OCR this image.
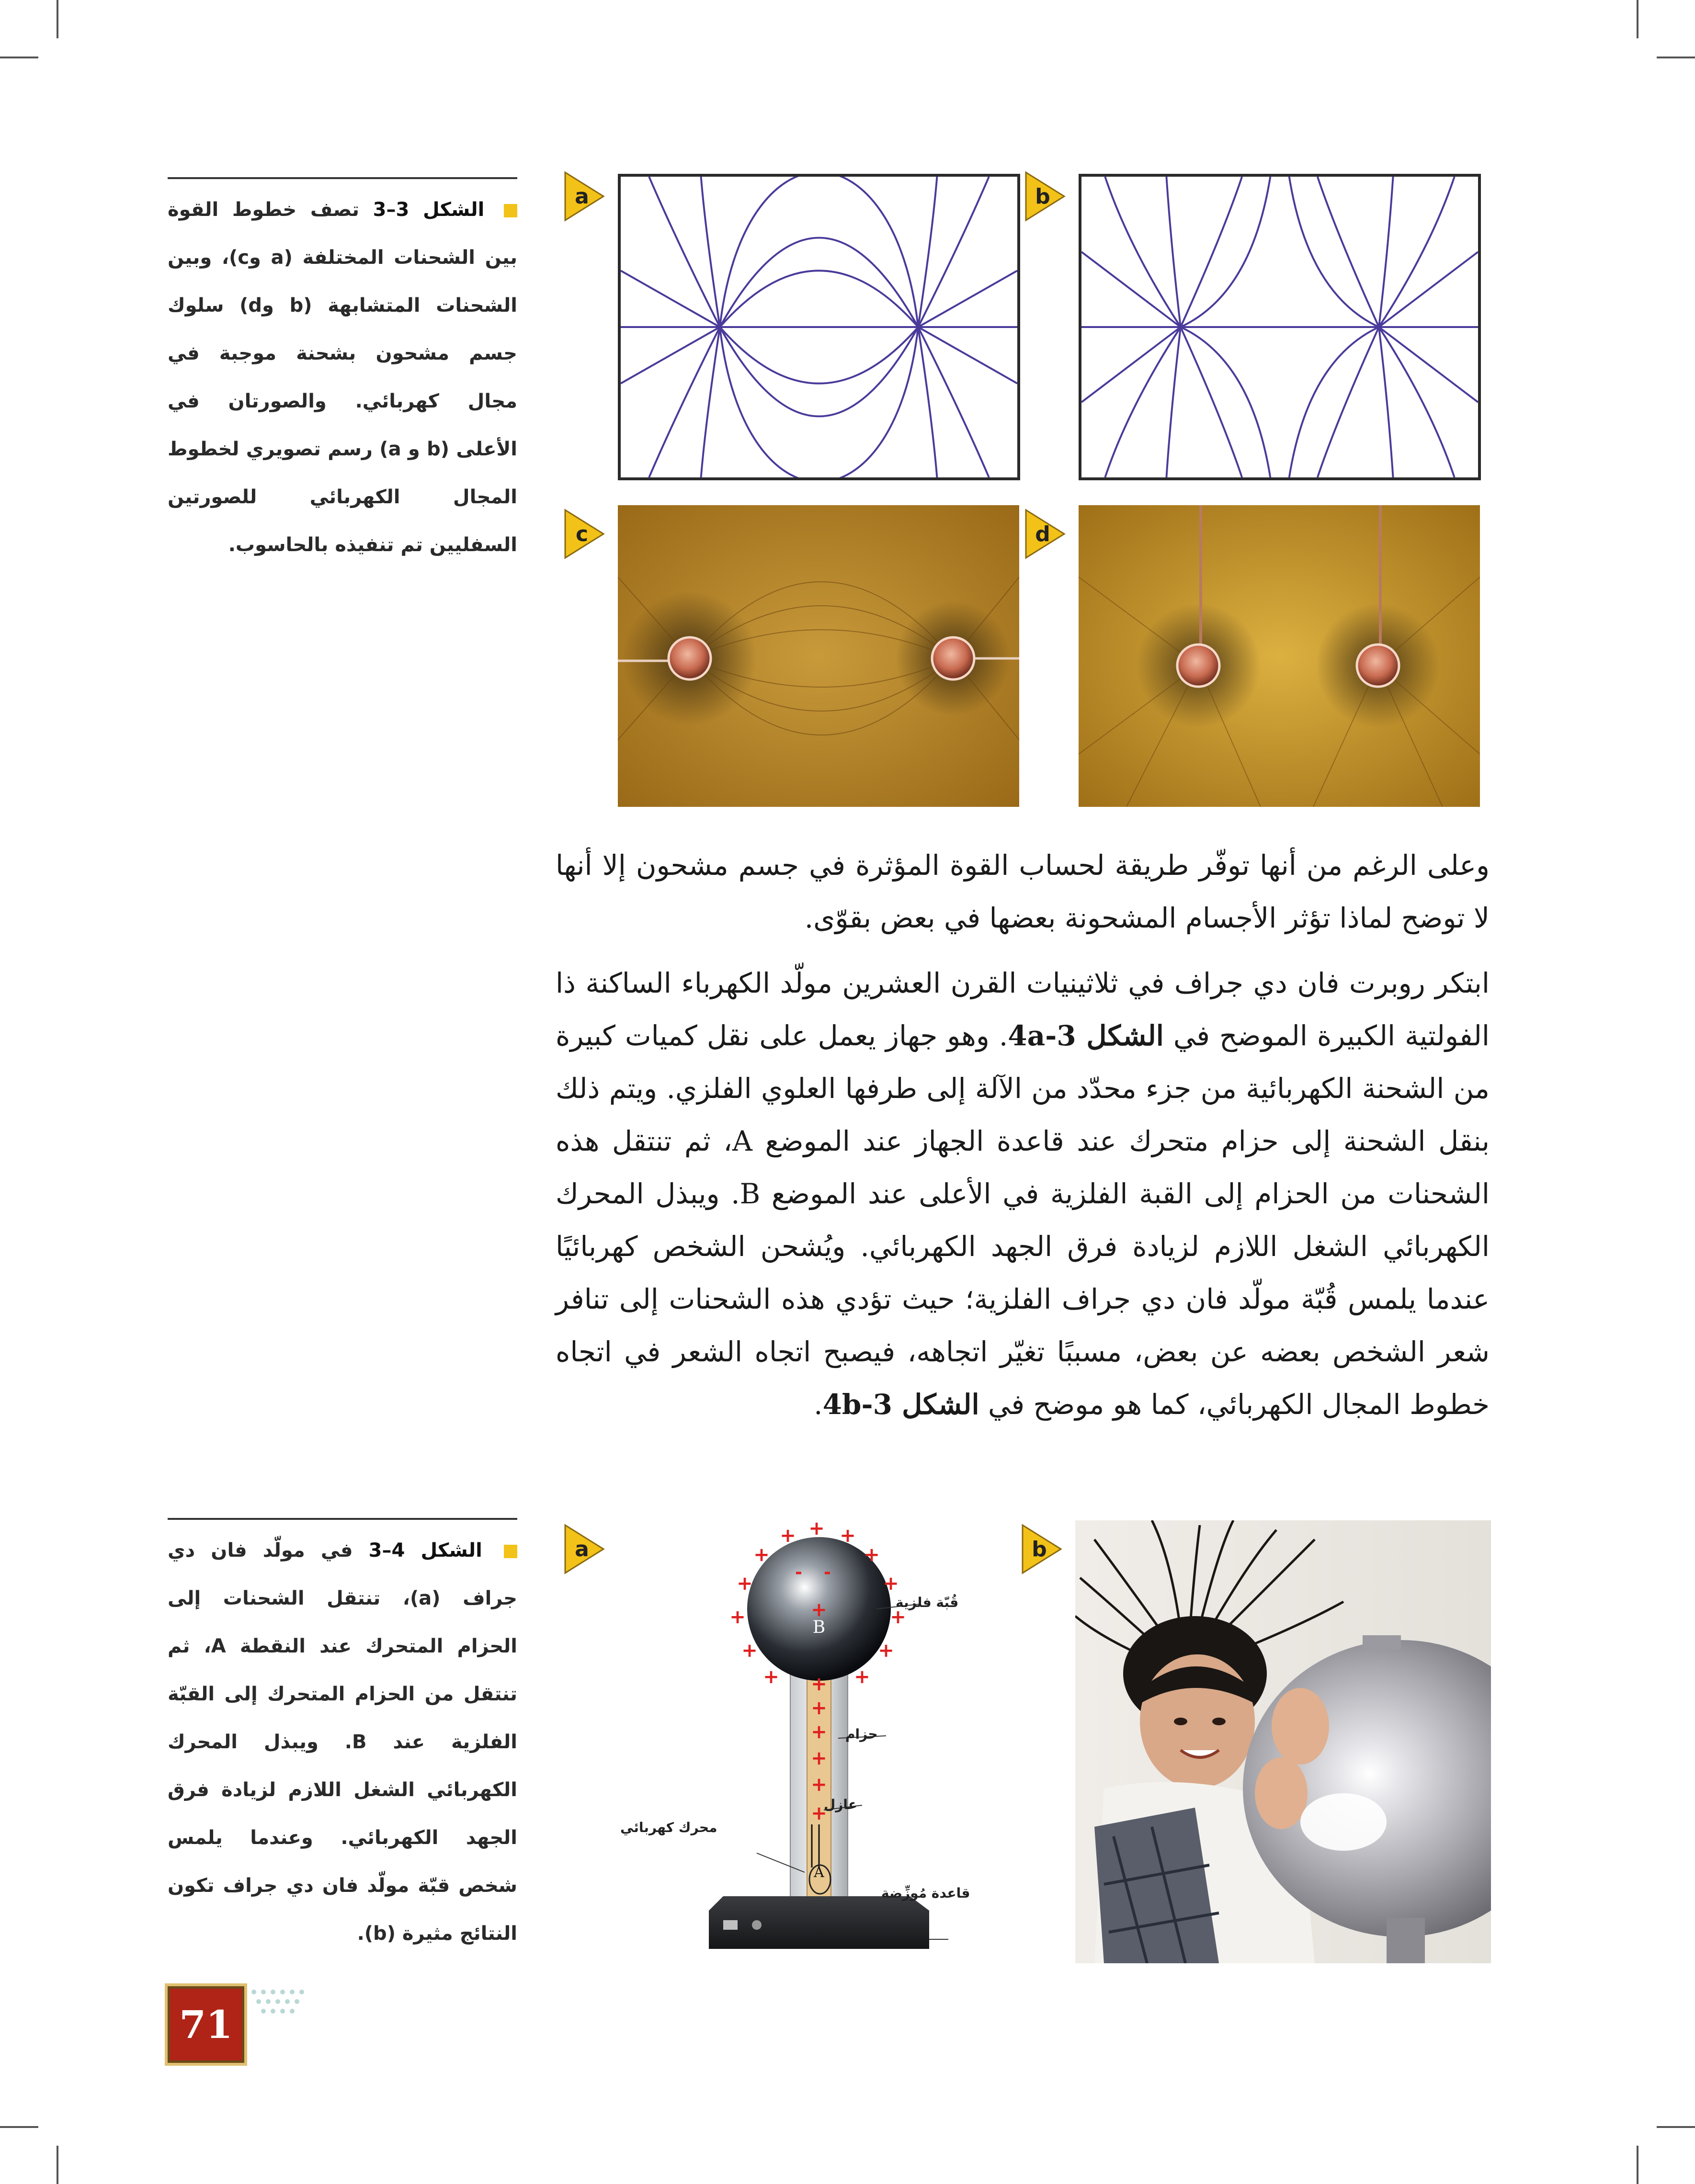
الشكل 3–3 تصف خطوط القوة بين الشحنات المختلفة (a وc)، وبين الشحنات المتشابهة (b وd) سلوك جسم مشحون بشحنة موجبة في مجال كهربائي. والصورتان في الأعلى (b و a) رسم تصويري لخطوط المجال الكهربائي للصورتين السفليين تم تنفيذه بالحاسوب.
a	b
c	d

وعلى الرغم من أنها توفّر طريقة لحساب القوة المؤثرة في جسم مشحون إلا أنها لا توضح لماذا تؤثر الأجسام المشحونة بعضها في بعض بقوّى.

ابتكر روبرت فان دي جراف في ثلاثينيات القرن العشرين مولّد الكهرباء الساكنة ذا الفولتية الكبيرة الموضح في الشكل 3-4a. وهو جهاز يعمل على نقل كميات كبيرة من الشحنة الكهربائية من جزء محدّد من الآلة إلى طرفها العلوي الفلزي. ويتم ذلك بنقل الشحنة إلى حزام متحرك عند قاعدة الجهاز عند الموضع A، ثم تنتقل هذه الشحنات من الحزام إلى القبة الفلزية في الأعلى عند الموضع B. ويبذل المحرك الكهربائي الشغل اللازم لزيادة فرق الجهد الكهربائي. ويُشحن الشخص كهربائيًا عندما يلمس قُبّة مولّد فان دي جراف الفلزية؛ حيث تؤدي هذه الشحنات إلى تنافر شعر الشخص بعضه عن بعض، مسببًا تغيّر اتجاهه، فيصبح اتجاه الشعر في اتجاه خطوط المجال الكهربائي، كما هو موضح في الشكل 3-4b.

الشكل 4–3 في مولّد فان دي جراف (a)، تنتقل الشحنات إلى الحزام المتحرك عند النقطة A، ثم تنتقل من الحزام المتحرك إلى القبّة الفلزية عند B. ويبذل المحرك الكهربائي الشغل اللازم لزيادة فرق الجهد الكهربائي. وعندما يلمس شخص قبّة مولّد فان دي جراف تكون النتائج مثيرة (b).
a	b
+
+ +
+	+
+	+
+	+
+	+
+	+
+
+
+
+
+
+
+
- -
B
A
قُبّة فلزية
حزام
عازل
محرك كهربائي
قاعدة مُوزِّضة
71
